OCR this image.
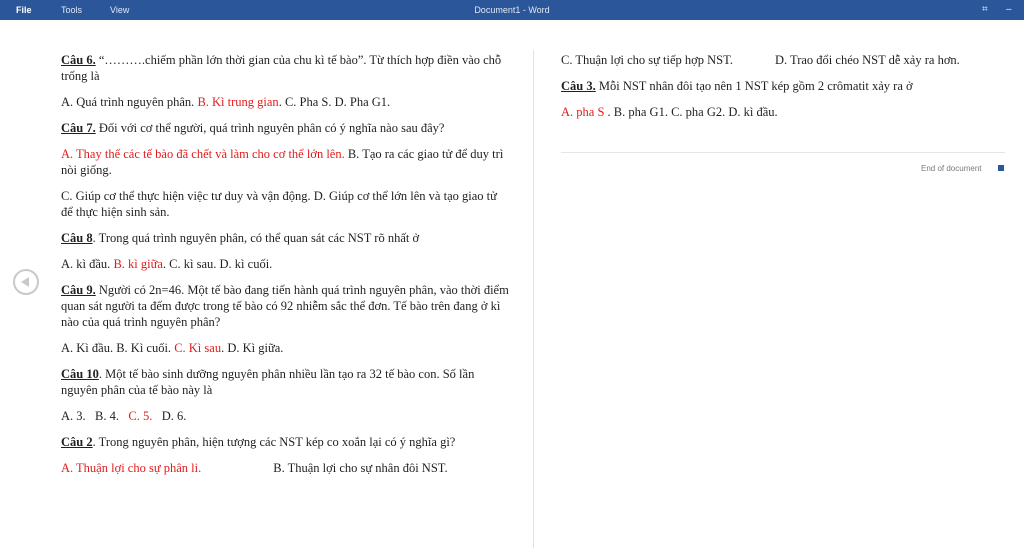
File	Tools	View	Document1 - Word	⌗ –

Câu 6. “……….chiếm phần lớn thời gian của chu kì tế bào”. Từ thích hợp điền vào chỗ trống là

A. Quá trình nguyên phân. B. Kì trung gian. C. Pha S. D. Pha G1.

Câu 7. Đối với cơ thể người, quá trình nguyên phân có ý nghĩa nào sau đây?

A. Thay thế các tế bào đã chết và làm cho cơ thể lớn lên. B. Tạo ra các giao tử để duy trì nòi giống.

C. Giúp cơ thể thực hiện việc tư duy và vận động. D. Giúp cơ thể lớn lên và tạo giao tử để thực hiện sinh sản.

Câu 8. Trong quá trình nguyên phân, có thể quan sát các NST rõ nhất ở

A. kì đầu. B. kì giữa. C. kì sau. D. kì cuối.

Câu 9. Người có 2n=46. Một tế bào đang tiến hành quá trình nguyên phân, vào thời điểm quan sát người ta đếm được trong tế bào có 92 nhiễm sắc thể đơn. Tế bào trên đang ở kì nào của quá trình nguyên phân?

A. Kì đầu. B. Kì cuối. C. Kì sau. D. Kì giữa.

Câu 10. Một tế bào sinh dưỡng nguyên phân nhiều lần tạo ra 32 tế bào con. Số lần nguyên phân của tế bào này là

A. 3.   B. 4.   C. 5.   D. 6.

Câu 2. Trong nguyên phân, hiện tượng các NST kép co xoắn lại có ý nghĩa gì?

A. Thuận lợi cho sự phân li.	B. Thuận lợi cho sự nhân đôi NST.

C. Thuận lợi cho sự tiếp hợp NST.	D. Trao đổi chéo NST dễ xảy ra hơn.

Câu 3. Mỗi NST nhân đôi tạo nên 1 NST kép gồm 2 crômatit xảy ra ở

A. pha S . B. pha G1. C. pha G2. D. kì đầu.

End of document
